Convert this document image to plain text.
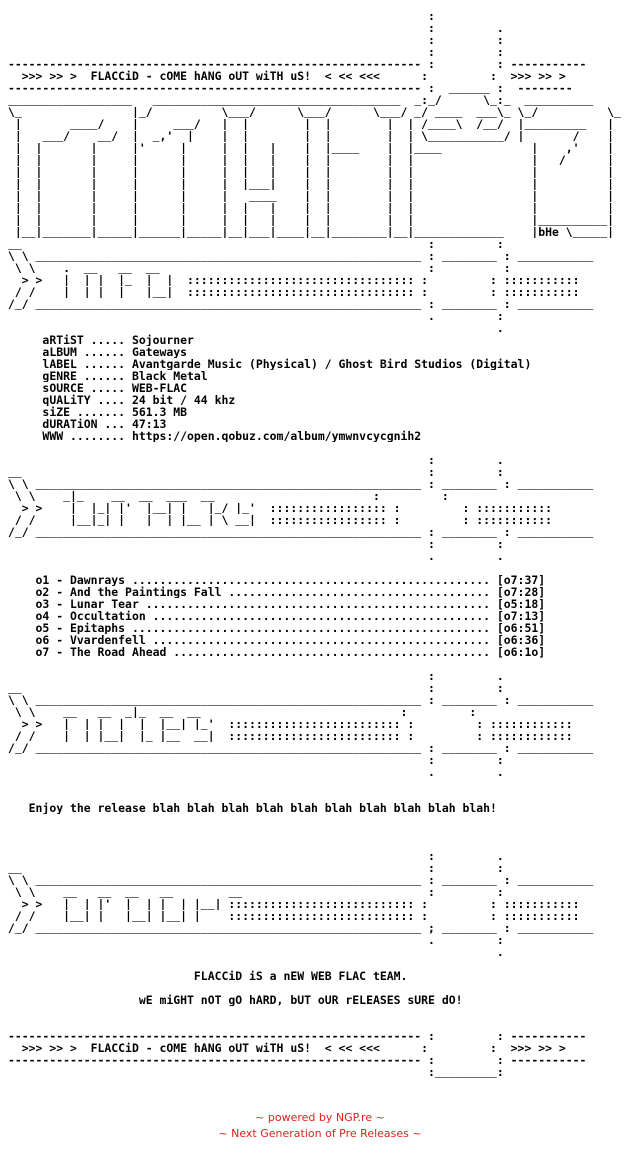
:
:         .
:         :
:         :
------------------------------------------------------------ :         : -----------
>>> >> >  FLACCiD - cOME hANG oUT wiTH uS!  < << <<<      :         :  >>> >> >
------------------------------------------------------------ :  ______ :  --------
__________________   ____________________________________  _:_/      \_:_  __________
\_                |_/          \___/      \___/      \___/ _/ ____  ___\_ \_/          \_
|       ____/    |     ___/   |  |        |  |        |  | /____\  /__/  |_________   |
|   ___/    __/  |  _,'  |    |  |        |  |        |  | \___________/ |       /    |
|  |       |     |'     |     |  |   |    |  |____    |  |____             |    ,'    |
|  |       |     |      |     |  |   |    |  |        |  |                 |   /      |
|  |       |     |      |     |  |   |    |  |        |  |                 |          |
|  |       |     |      |     |  |___|    |  |        |  |                 |          |
|  |       |     |      |     |   ____    |  |        |  |                 |          |
|  |       |     |      |     |  |   |    |  |        |  |                 |          |
|  |       |     |      |     |  |   |    |  |        |  |                 |__________|
|__|_______|_____|______|_____|__|___|____|__|________|__|_____________    |bHe \_____|
__                                                           :         :
\ \ ________________________________________________________ : ________ : ___________
\ \    .  __   __  __                                       :          :
> >   |  | |  |_  |  |  ::::::::::::::::::::::::::::::::: :         : :::::::::::
/ /    |  | |  |   |__|  ::::::::::::::::::::::::::::::::: :         : :::::::::::
/_/ ________________________________________________________ : ________ : ___________
.         :
.
aRTiST ..... Sojourner
aLBUM ...... Gateways
lABEL ...... Avantgarde Music (Physical) / Ghost Bird Studios (Digital)
gENRE ...... Black Metal
sOURCE ..... WEB-FLAC
qUALiTY .... 24 bit / 44 khz
siZE ....... 561.3 MB
dURATiON ... 47:13
WWW ........ https://open.qobuz.com/album/ymwnvcycgnih2

:         .
__                                                           :         :
\ \ ________________________________________________________ : ________ : ___________
\ \    _|_    __  __  ___  __                       :         :
> >    |  |_| |'  |__| |   |_/ |_'  ::::::::::::::::: :         : :::::::::::
/ /     |__|_| |   |  | |__ | \ __|  ::::::::::::::::: :         : :::::::::::
/_/ ________________________________________________________ : ________ : ___________
:         :
.         .

o1 - Dawnrays .................................................... [o7:37]
o2 - And the Paintings Fall ...................................... [o7:28]
o3 - Lunar Tear .................................................. [o5:18]
o4 - Occultation ................................................. [o7:13]
o5 - Epitaphs .................................................... [o6:51]
o6 - Vvardenfell ................................................. [o6:36]
o7 - The Road Ahead .............................................. [o6:1o]

:         .
__                                                           :         :
\ \ ________________________________________________________ : ________ : ___________
\ \    __   __  _|_  __  __                             :         :
> >   |  | |  |  |  |__| |_'  ::::::::::::::::::::::::: :         : ::::::::::::
/ /    |  | |__|  |_ |__  __|  ::::::::::::::::::::::::: :         : ::::::::::::
/_/ ________________________________________________________ : ________ : ___________
:         :
.         .

Enjoy the release blah blah blah blah blah blah blah blah blah blah!

:         .
__                                                           :         :
\ \ ________________________________________________________ : ________ : ___________
\ \    __   __  __   __        __                           :         :
> >   |  | |'  |  | |  | |__| ::::::::::::::::::::::::::: :         : :::::::::::
/ /    |__| |   |__| |__| |    ::::::::::::::::::::::::::: :         : :::::::::::
/_/ ________________________________________________________ ; ________ : ___________
.         :
.

FLACCiD iS a nEW WEB FLAC tEAM.

wE miGHT nOT gO hARD, bUT oUR rELEASES sURE dO!

------------------------------------------------------------ :         : -----------
>>> >> >  FLACCiD - cOME hANG oUT wiTH uS!  < << <<<      :         :  >>> >> >
------------------------------------------------------------ :         : -----------
:_________:
~ powered by NGP.re ~
~ Next Generation of Pre Releases ~
